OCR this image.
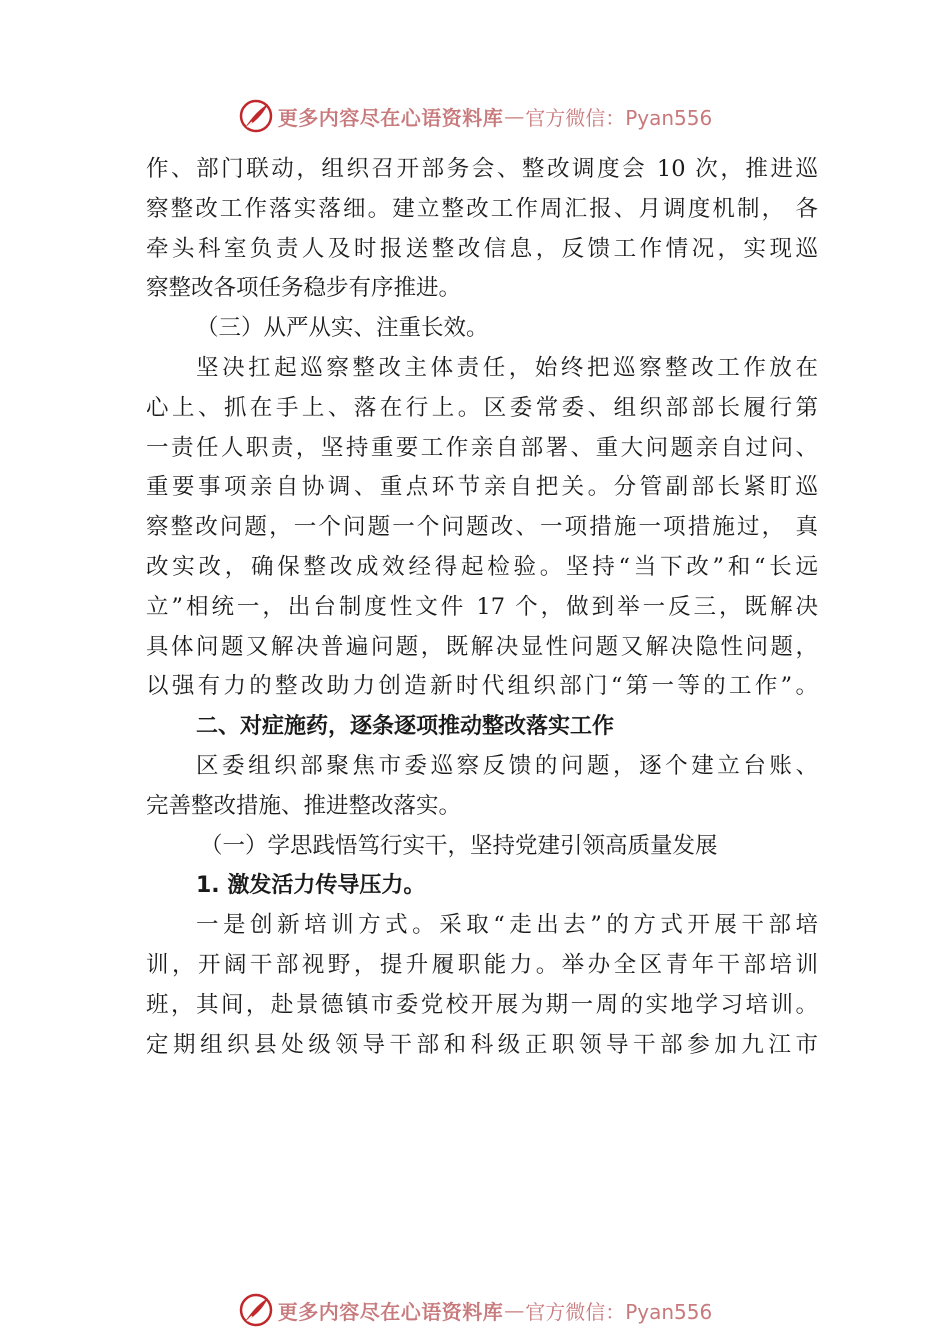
更多内容尽在心语资料库 — 官方微信：Pyan556
作、部门联动，组织召开部务会、整改调度会 10 次，推进巡
察整改工作落实落细。建立整改工作周汇报、月调度机制， 各
牵头科室负责人及时报送整改信息，反馈工作情况，实现巡
察整改各项任务稳步有序推进。
（三）从严从实、注重长效。
坚决扛起巡察整改主体责任，始终把巡察整改工作放在
心上、抓在手上、落在行上。区委常委、组织部部长履行第
一责任人职责，坚持重要工作亲自部署、重大问题亲自过问、
重要事项亲自协调、重点环节亲自把关。分管副部长紧盯巡
察整改问题，一个问题一个问题改、一项措施一项措施过， 真
改实改，确保整改成效经得起检验。坚持“当下改”和“长远
立”相统一，出台制度性文件 17 个，做到举一反三，既解决
具体问题又解决普遍问题，既解决显性问题又解决隐性问题，
以强有力的整改助力创造新时代组织部门“第一等的工作”。
二、对症施药，逐条逐项推动整改落实工作
区委组织部聚焦市委巡察反馈的问题，逐个建立台账、
完善整改措施、推进整改落实。
（一）学思践悟笃行实干，坚持党建引领高质量发展
1. 激发活力传导压力。
一是创新培训方式。采取“走出去”的方式开展干部培
训，开阔干部视野，提升履职能力。举办全区青年干部培训
班，其间，赴景德镇市委党校开展为期一周的实地学习培训。
定期组织县处级领导干部和科级正职领导干部参加九江市
更多内容尽在心语资料库 — 官方微信：Pyan556
